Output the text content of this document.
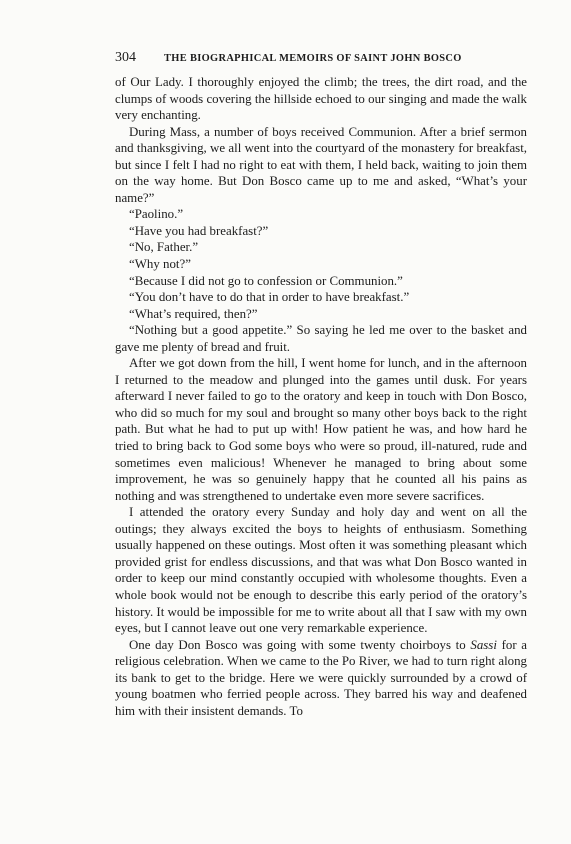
304	THE BIOGRAPHICAL MEMOIRS OF SAINT JOHN BOSCO

of Our Lady. I thoroughly enjoyed the climb; the trees, the dirt road, and the clumps of woods covering the hillside echoed to our singing and made the walk very enchanting.

During Mass, a number of boys received Communion. After a brief sermon and thanksgiving, we all went into the courtyard of the monastery for breakfast, but since I felt I had no right to eat with them, I held back, waiting to join them on the way home. But Don Bosco came up to me and asked, “What’s your name?”

“Paolino.”

“Have you had breakfast?”

“No, Father.”

“Why not?”

“Because I did not go to confession or Communion.”

“You don’t have to do that in order to have breakfast.”

“What’s required, then?”

“Nothing but a good appetite.” So saying he led me over to the basket and gave me plenty of bread and fruit.

After we got down from the hill, I went home for lunch, and in the afternoon I returned to the meadow and plunged into the games until dusk. For years afterward I never failed to go to the oratory and keep in touch with Don Bosco, who did so much for my soul and brought so many other boys back to the right path. But what he had to put up with! How patient he was, and how hard he tried to bring back to God some boys who were so proud, ill-natured, rude and sometimes even malicious! Whenever he managed to bring about some improvement, he was so genuinely happy that he counted all his pains as nothing and was strengthened to undertake even more severe sacrifices.

I attended the oratory every Sunday and holy day and went on all the outings; they always excited the boys to heights of enthusiasm. Something usually happened on these outings. Most often it was something pleasant which provided grist for endless discussions, and that was what Don Bosco wanted in order to keep our mind constantly occupied with wholesome thoughts. Even a whole book would not be enough to describe this early period of the oratory’s history. It would be impossible for me to write about all that I saw with my own eyes, but I cannot leave out one very remarkable experience.

One day Don Bosco was going with some twenty choirboys to Sassi for a religious celebration. When we came to the Po River, we had to turn right along its bank to get to the bridge. Here we were quickly surrounded by a crowd of young boatmen who ferried people across. They barred his way and deafened him with their insistent demands. To
